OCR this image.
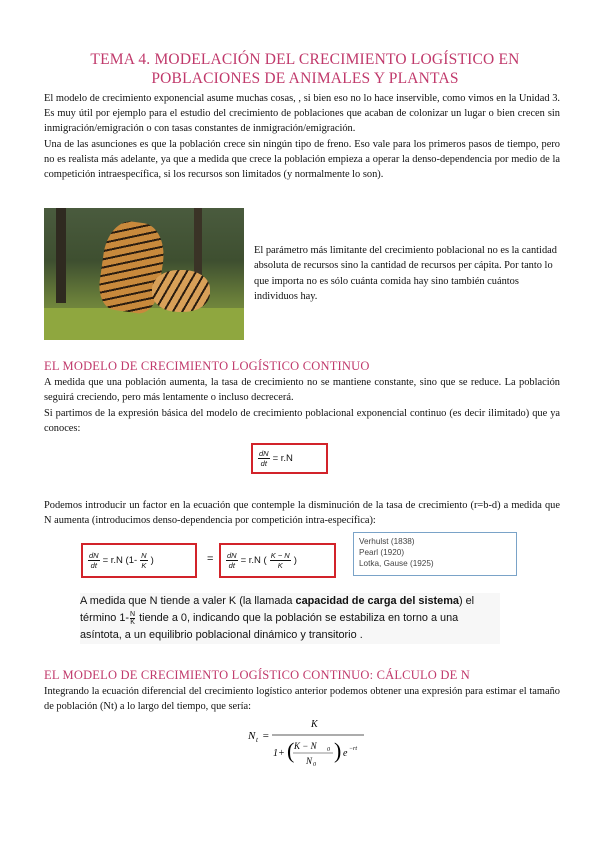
TEMA 4. MODELACIÓN DEL CRECIMIENTO LOGÍSTICO EN POBLACIONES DE ANIMALES Y PLANTAS
El modelo de crecimiento exponencial asume muchas cosas, , si bien eso no lo hace inservible, como vimos en la Unidad 3. Es muy útil por ejemplo para el estudio del crecimiento de poblaciones que acaban de colonizar un lugar o bien crecen sin inmigración/emigración o con tasas constantes de inmigración/emigración.
Una de las asunciones es que la población crece sin ningún tipo de freno. Eso vale para los primeros pasos de tiempo, pero no es realista más adelante, ya que a medida que crece la población empieza a operar la denso-dependencia por medio de la competición intraespecífica, si los recursos son limitados (y normalmente lo son).
El parámetro más limitante del crecimiento poblacional no es la cantidad absoluta de recursos sino la cantidad de recursos per cápita. Por tanto lo que importa no es sólo cuánta comida hay sino también cuántos individuos hay.
EL MODELO DE CRECIMIENTO LOGÍSTICO CONTINUO
A medida que una población aumenta, la tasa de crecimiento no se mantiene constante, sino que se reduce. La población seguirá creciendo, pero más lentamente o incluso decrecerá.
Si partimos de la expresión básica del modelo de crecimiento poblacional exponencial continuo (es decir ilimitado) que ya conoces:
$\frac{dN}{dt} = r.N$
Podemos introducir un factor en la ecuación que contemple la disminución de la tasa de crecimiento (r=b-d) a medida que N aumenta (introducimos denso-dependencia por competición intra-específica):
$\frac{dN}{dt} = r.N$ ($1- \frac{N}{K}$ )	= $\frac{dN}{dt} = r.N$ ( $\frac{K - N}{K}$ )
Verhulst (1838)
Pearl (1920)
Lotka, Gause (1925)
A medida que N tiende a valer K (la llamada capacidad de carga del sistema) el término $1- \frac{N}{K}$ tiende a 0, indicando que la población se estabiliza en torno a una asíntota, a un equilibrio poblacional dinámico y transitorio .
EL MODELO DE CRECIMIENTO LOGÍSTICO CONTINUO: CÁLCULO DE N
Integrando la ecuación diferencial del crecimiento logístico anterior podemos obtener una expresión para estimar el tamaño de población (Nt) a lo largo del tiempo, que sería:
N t =
K
1+ ( K − N 0
N 0
) e −rt
